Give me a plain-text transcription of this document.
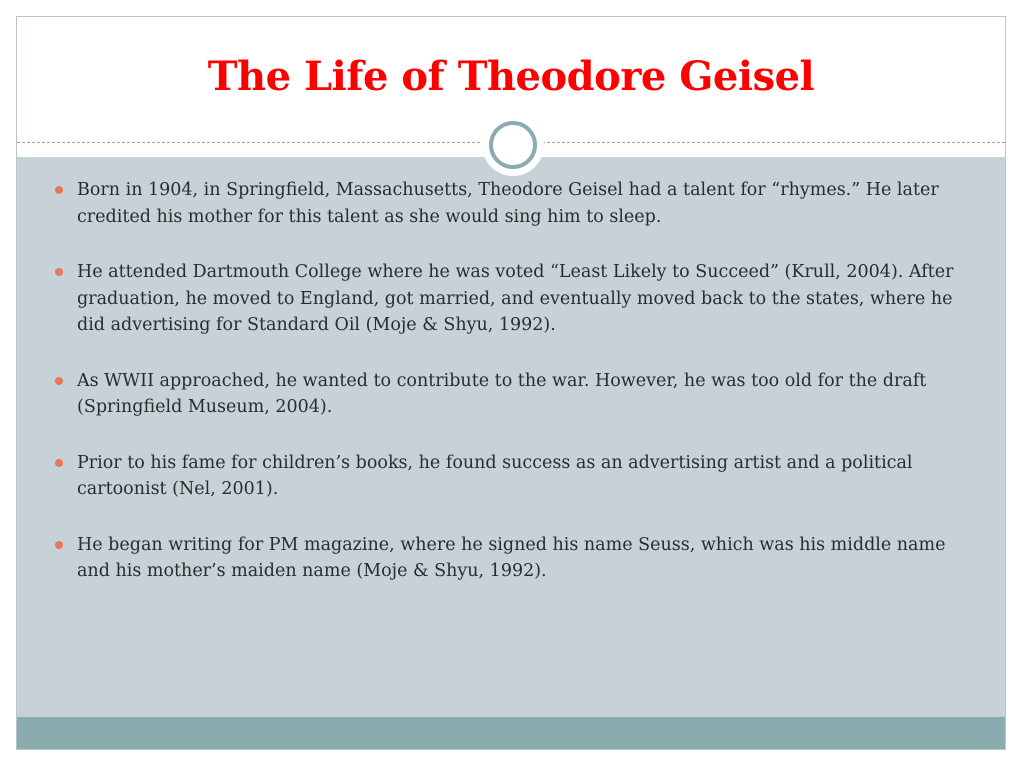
The Life of Theodore Geisel
Born in 1904, in Springfield, Massachusetts, Theodore Geisel had a talent for “rhymes.” He later credited his mother for this talent as she would sing him to sleep.
He attended Dartmouth College where he was voted “Least Likely to Succeed” (Krull, 2004). After graduation, he moved to England, got married, and eventually moved back to the states, where he did advertising for Standard Oil (Moje & Shyu, 1992).
As WWII approached, he wanted to contribute to the war. However, he was too old for the draft (Springfield Museum, 2004).
Prior to his fame for children’s books, he found success as an advertising artist and a political cartoonist (Nel, 2001).
He began writing for PM magazine, where he signed his name Seuss, which was his middle name and his mother’s maiden name (Moje & Shyu, 1992).
